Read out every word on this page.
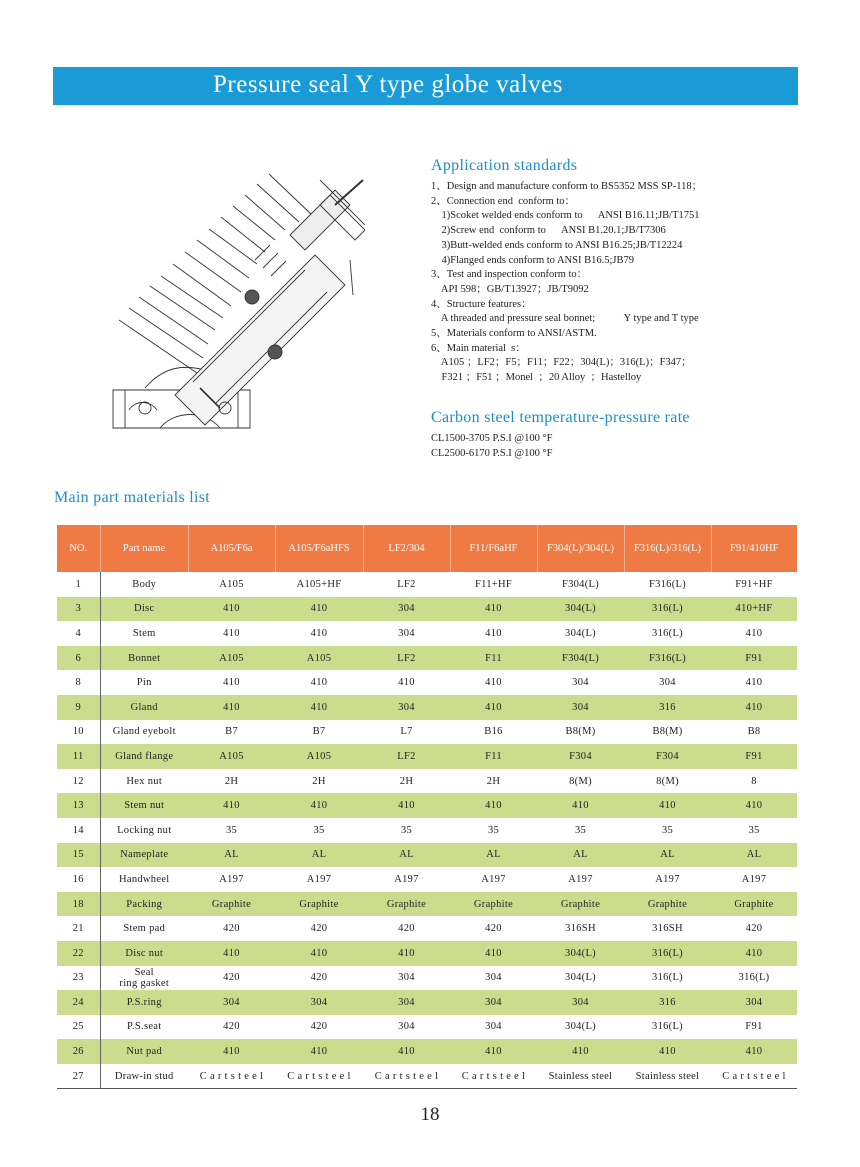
Pressure seal Y type globe valves
Application standards
1、Design and manufacture conform to BS5352 MSS SP-118；
2、Connection end  conform to：
1)Scoket welded ends conform to      ANSI B16.11;JB/T1751
2)Screw end  conform to      ANSI B1.20.1;JB/T7306
3)Butt-welded ends conform to ANSI B16.25;JB/T12224
4)Flanged ends conform to ANSI B16.5;JB79
3、Test and inspection conform to：
API 598；GB/T13927；JB/T9092
4、Structure features：
A threaded and pressure seal bonnet;           Y type and T type
5、Materials conform to ANSI/ASTM.
6、Main material  s：
A105 ；LF2；F5；F11；F22；304(L)；316(L)；F347；
F321 ；F51 ；Monel  ；20 Alloy  ；Hastelloy
Carbon steel temperature-pressure rate
CL1500-3705 P.S.I @100 °F
CL2500-6170 P.S.I @100 °F
Main part materials list
NO.	Part name	A105/F6a	A105/F6aHFS	LF2/304	F11/F6aHF	F304(L)/304(L)	F316(L)/316(L)	F91/410HF
1	Body	A105	A105+HF	LF2	F11+HF	F304(L)	F316(L)	F91+HF
3	Disc	410	410	304	410	304(L)	316(L)	410+HF
4	Stem	410	410	304	410	304(L)	316(L)	410
6	Bonnet	A105	A105	LF2	F11	F304(L)	F316(L)	F91
8	Pin	410	410	410	410	304	304	410
9	Gland	410	410	304	410	304	316	410
10	Gland eyebolt	B7	B7	L7	B16	B8(M)	B8(M)	B8
11	Gland flange	A105	A105	LF2	F11	F304	F304	F91
12	Hex nut	2H	2H	2H	2H	8(M)	8(M)	8
13	Stem nut	410	410	410	410	410	410	410
14	Locking nut	35	35	35	35	35	35	35
15	Nameplate	AL	AL	AL	AL	AL	AL	AL
16	Handwheel	A197	A197	A197	A197	A197	A197	A197
18	Packing	Graphite	Graphite	Graphite	Graphite	Graphite	Graphite	Graphite
21	Stem pad	420	420	420	420	316SH	316SH	420
22	Disc nut	410	410	410	410	304(L)	316(L)	410
23	Seal
ring gasket	420	420	304	304	304(L)	316(L)	316(L)
24	P.S.ring	304	304	304	304	304	316	304
25	P.S.seat	420	420	304	304	304(L)	316(L)	F91
26	Nut pad	410	410	410	410	410	410	410
27	Draw-in stud	C a r t s t e e l	C a r t s t e e l	C a r t s t e e l	C a r t s t e e l	Stainless steel	Stainless steel	C a r t s t e e l
18
